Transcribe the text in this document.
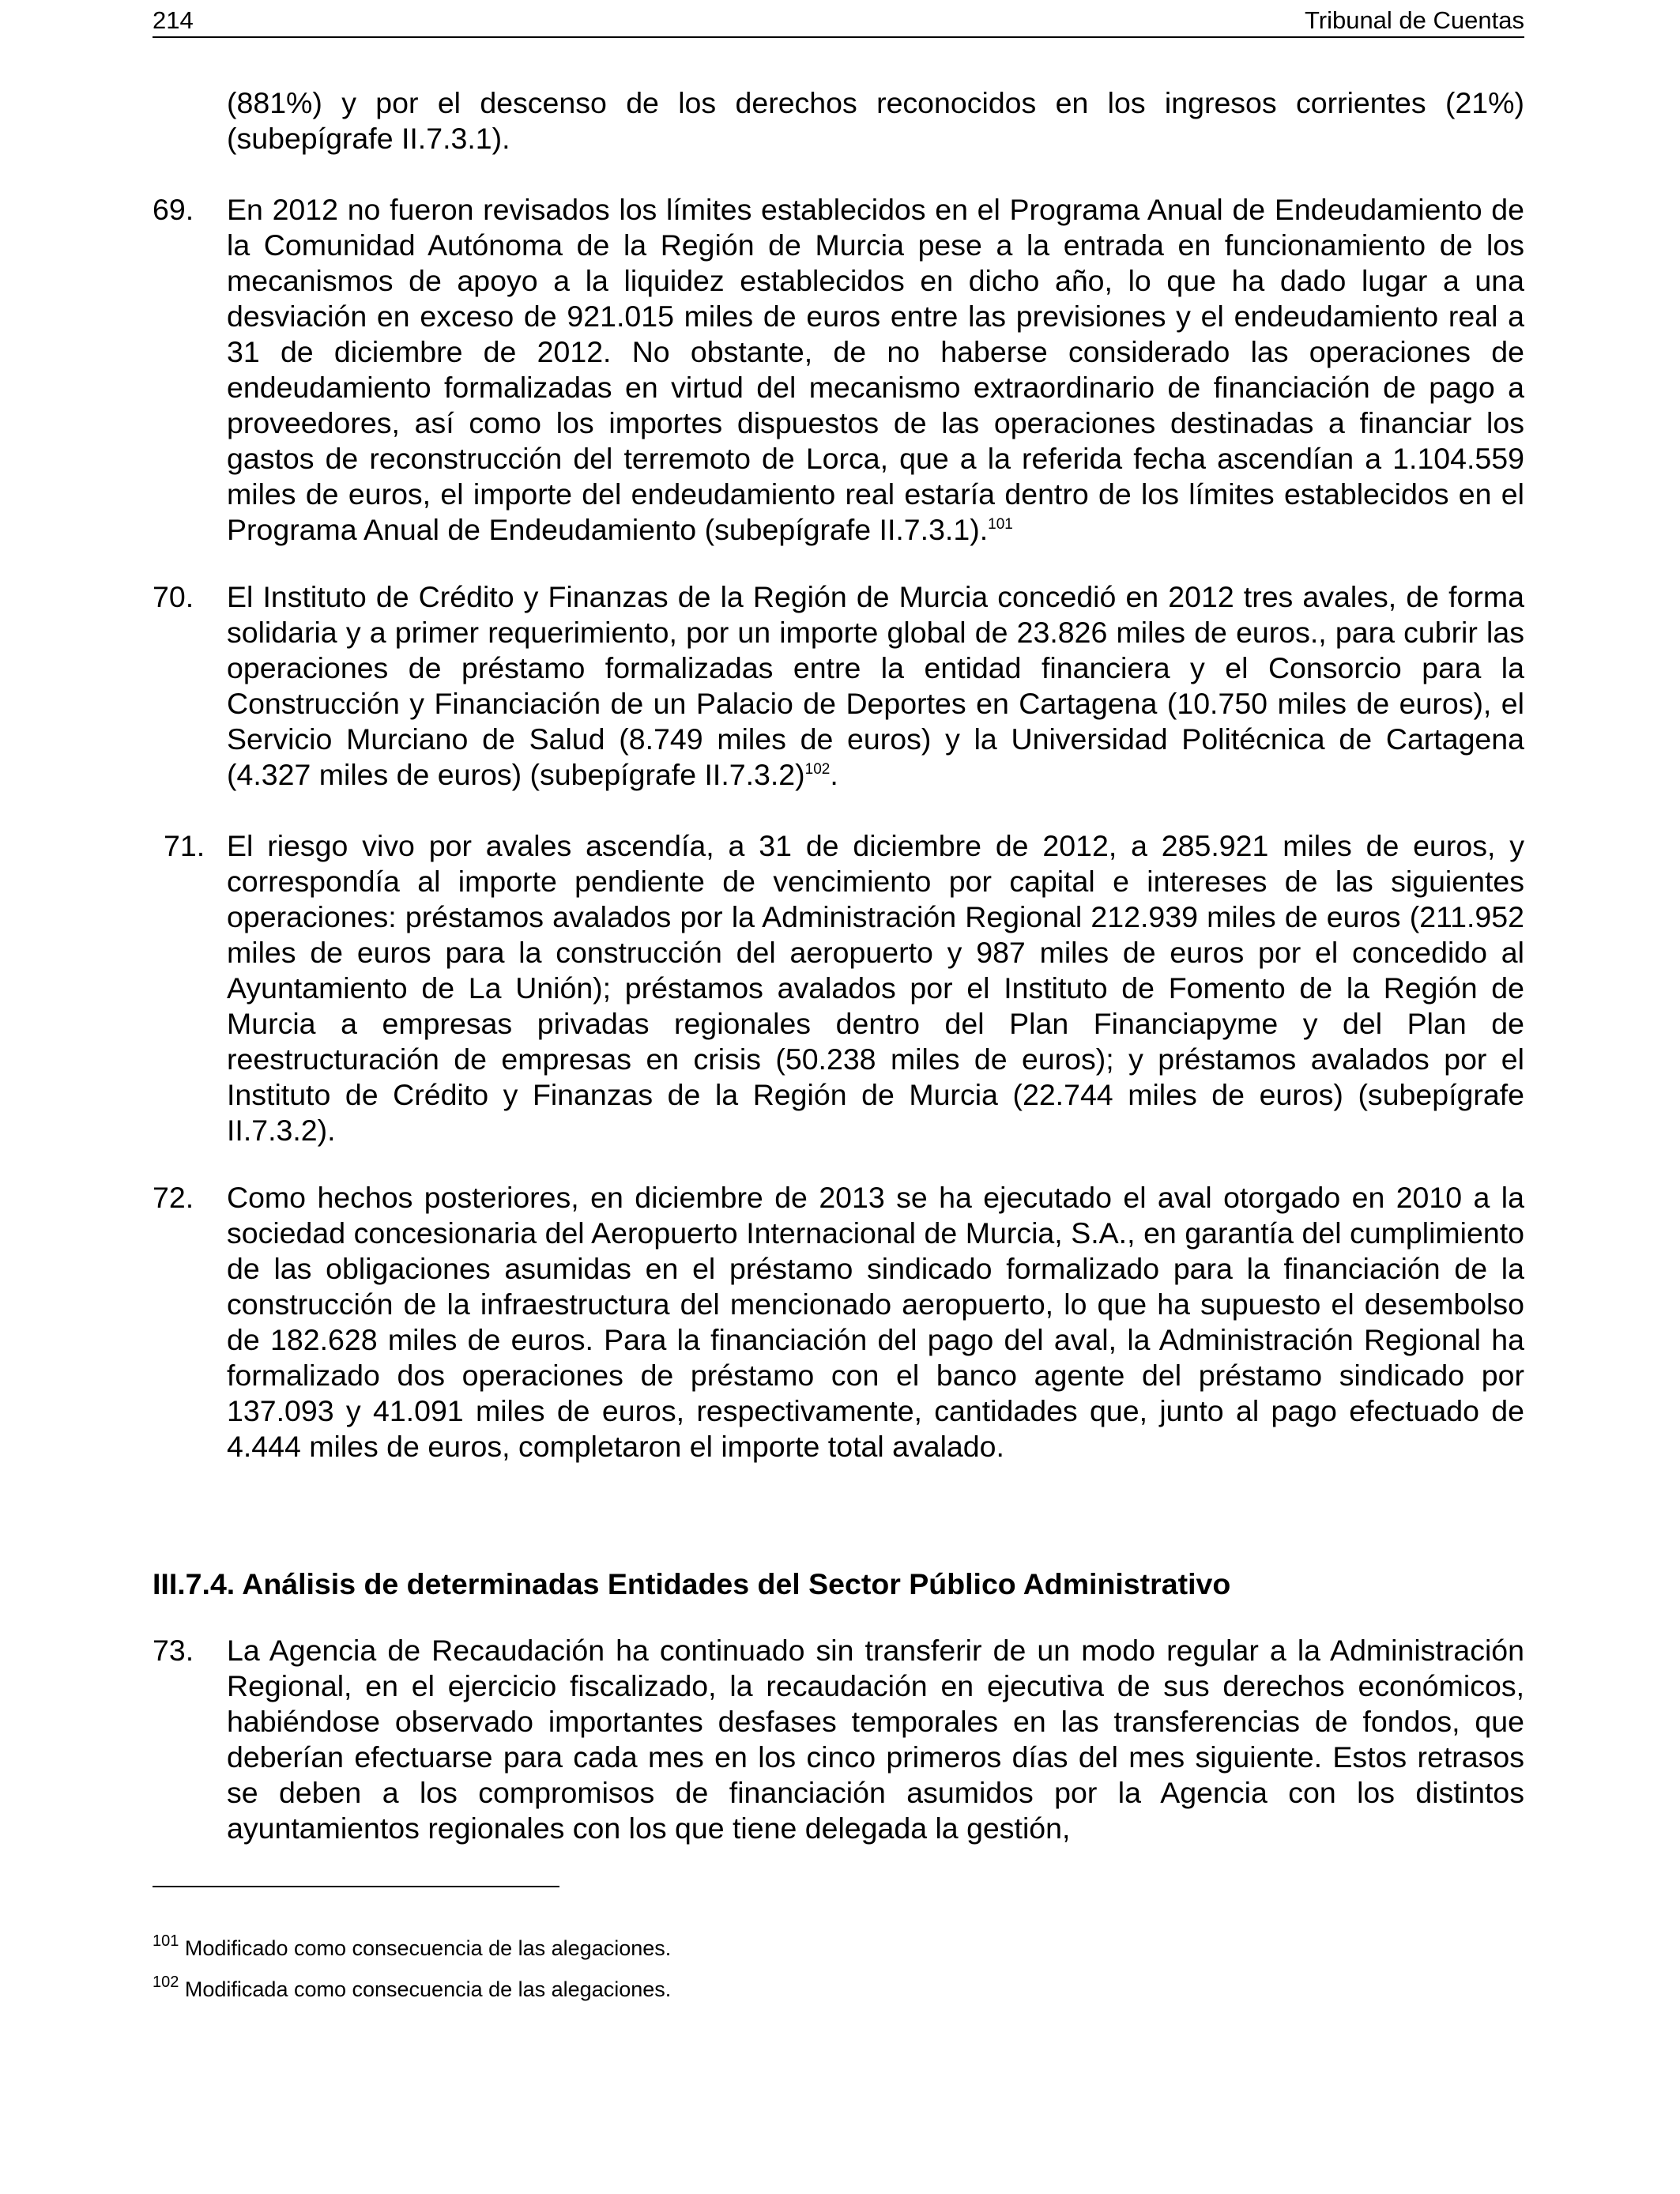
214	Tribunal de Cuentas
(881%) y por el descenso de los derechos reconocidos en los ingresos corrientes (21%) (subepígrafe II.7.3.1).
69. En 2012 no fueron revisados los límites establecidos en el Programa Anual de Endeudamiento de la Comunidad Autónoma de la Región de Murcia pese a la entrada en funcionamiento de los mecanismos de apoyo a la liquidez establecidos en dicho año, lo que ha dado lugar a una desviación en exceso de 921.015 miles de euros entre las previsiones y el endeudamiento real a 31 de diciembre de 2012. No obstante, de no haberse considerado las operaciones de endeudamiento formalizadas en virtud del mecanismo extraordinario de financiación de pago a proveedores, así como los importes dispuestos de las operaciones destinadas a financiar los gastos de reconstrucción del terremoto de Lorca, que a la referida fecha ascendían a 1.104.559 miles de euros, el importe del endeudamiento real estaría dentro de los límites establecidos en el Programa Anual de Endeudamiento (subepígrafe II.7.3.1).$^{101}$
70. El Instituto de Crédito y Finanzas de la Región de Murcia concedió en 2012 tres avales, de forma solidaria y a primer requerimiento, por un importe global de 23.826 miles de euros., para cubrir las operaciones de préstamo formalizadas entre la entidad financiera y el Consorcio para la Construcción y Financiación de un Palacio de Deportes en Cartagena (10.750 miles de euros), el Servicio Murciano de Salud (8.749 miles de euros) y la Universidad Politécnica de Cartagena (4.327 miles de euros) (subepígrafe II.7.3.2)$^{102}$.
71. El riesgo vivo por avales ascendía, a 31 de diciembre de 2012, a 285.921 miles de euros, y correspondía al importe pendiente de vencimiento por capital e intereses de las siguientes operaciones: préstamos avalados por la Administración Regional 212.939 miles de euros (211.952 miles de euros para la construcción del aeropuerto y 987 miles de euros por el concedido al Ayuntamiento de La Unión); préstamos avalados por el Instituto de Fomento de la Región de Murcia a empresas privadas regionales dentro del Plan Financiapyme y del Plan de reestructuración de empresas en crisis (50.238 miles de euros); y préstamos avalados por el Instituto de Crédito y Finanzas de la Región de Murcia (22.744 miles de euros) (subepígrafe II.7.3.2).
72. Como hechos posteriores, en diciembre de 2013 se ha ejecutado el aval otorgado en 2010 a la sociedad concesionaria del Aeropuerto Internacional de Murcia, S.A., en garantía del cumplimiento de las obligaciones asumidas en el préstamo sindicado formalizado para la financiación de la construcción de la infraestructura del mencionado aeropuerto, lo que ha supuesto el desembolso de 182.628 miles de euros. Para la financiación del pago del aval, la Administración Regional ha formalizado dos operaciones de préstamo con el banco agente del préstamo sindicado por 137.093 y 41.091 miles de euros, respectivamente, cantidades que, junto al pago efectuado de 4.444 miles de euros, completaron el importe total avalado.
III.7.4. Análisis de determinadas Entidades del Sector Público Administrativo
73. La Agencia de Recaudación ha continuado sin transferir de un modo regular a la Administración Regional, en el ejercicio fiscalizado, la recaudación en ejecutiva de sus derechos económicos, habiéndose observado importantes desfases temporales en las transferencias de fondos, que deberían efectuarse para cada mes en los cinco primeros días del mes siguiente. Estos retrasos se deben a los compromisos de financiación asumidos por la Agencia con los distintos ayuntamientos regionales con los que tiene delegada la gestión,
$^{101}$ Modificado como consecuencia de las alegaciones.
$^{102}$ Modificada como consecuencia de las alegaciones.
